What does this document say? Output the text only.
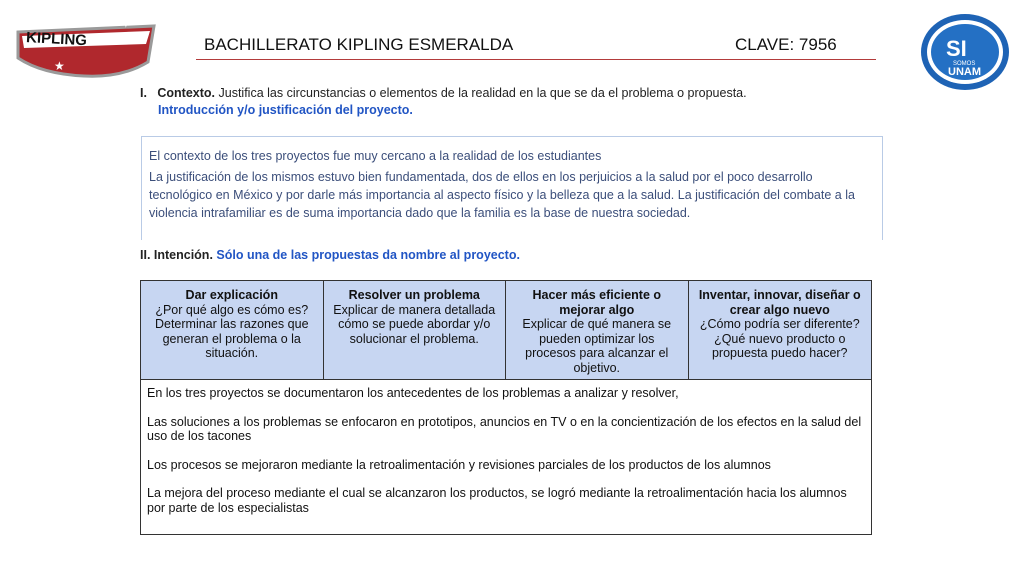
KIPLING
✦
★
BACHILLERATO KIPLING ESMERALDA	CLAVE: 7956	SI
SOMOS
UNAM
I. Contexto. Justifica las circunstancias o elementos de la realidad en la que se da el problema o propuesta.
Introducción y/o justificación del proyecto.

El contexto de los tres proyectos fue muy cercano a la realidad de los estudiantes

La justificación de los mismos estuvo bien fundamentada, dos de ellos en los perjuicios a la salud por el poco desarrollo tecnológico en México y por darle más importancia al aspecto físico y la belleza que a la salud. La justificación del combate a la violencia intrafamiliar es de suma importancia dado que la familia es la base de nuestra sociedad.

II. Intención. Sólo una de las propuestas da nombre al proyecto.
Dar explicación
¿Por qué algo es cómo es? Determinar las razones que generan el problema o la situación.
Resolver un problema
Explicar de manera detallada cómo se puede abordar y/o solucionar el problema.
Hacer más eficiente o mejorar algo
Explicar de qué manera se pueden optimizar los procesos para alcanzar el objetivo.
Inventar, innovar, diseñar o crear algo nuevo
¿Cómo podría ser diferente? ¿Qué nuevo producto o propuesta puedo hacer?

En los tres proyectos se documentaron los antecedentes de los problemas a analizar y resolver,

Las soluciones a los problemas se enfocaron en prototipos, anuncios en TV o en la concientización de los efectos en la salud del uso de los tacones

Los procesos se mejoraron mediante la retroalimentación y revisiones parciales de los productos de los alumnos

La mejora del proceso mediante el cual se alcanzaron los productos, se logró mediante la retroalimentación hacia los alumnos por parte de los especialistas
